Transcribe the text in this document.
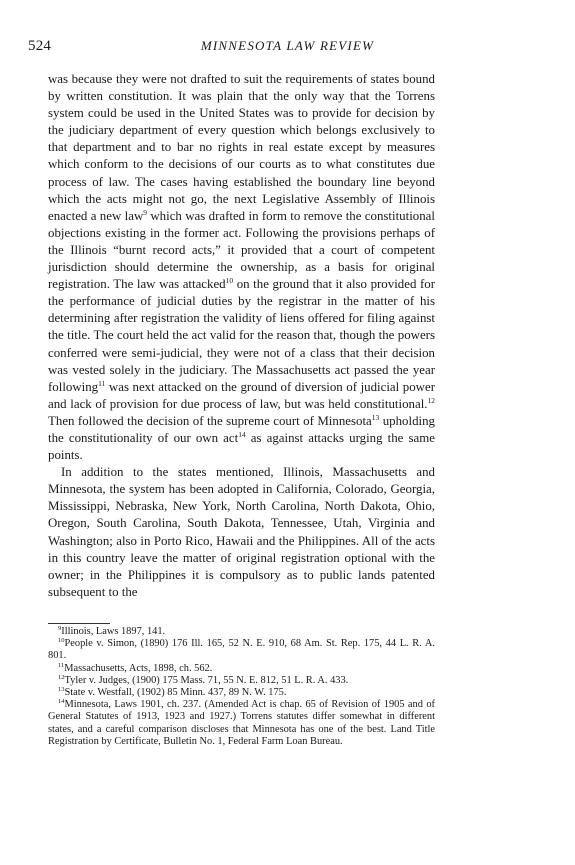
524	MINNESOTA LAW REVIEW

was because they were not drafted to suit the requirements of states bound by written constitution. It was plain that the only way that the Torrens system could be used in the United States was to provide for decision by the judiciary department of every question which belongs exclusively to that department and to bar no rights in real estate except by measures which conform to the decisions of our courts as to what constitutes due process of law. The cases having established the boundary line beyond which the acts might not go, the next Legislative Assembly of Illinois enacted a new law$^9$ which was drafted in form to remove the constitutional objections existing in the former act. Following the provisions perhaps of the Illinois “burnt record acts,” it provided that a court of competent jurisdiction should determine the ownership, as a basis for original registration. The law was attacked$^{10}$ on the ground that it also provided for the performance of judicial duties by the registrar in the matter of his determining after registration the validity of liens offered for filing against the title. The court held the act valid for the reason that, though the powers conferred were semi-judicial, they were not of a class that their decision was vested solely in the judiciary. The Massachusetts act passed the year following$^{11}$ was next attacked on the ground of diversion of judicial power and lack of provision for due process of law, but was held constitutional.$^{12}$ Then followed the decision of the supreme court of Minnesota$^{13}$ upholding the constitutionality of our own act$^{14}$ as against attacks urging the same points.

In addition to the states mentioned, Illinois, Massachusetts and Minnesota, the system has been adopted in California, Colorado, Georgia, Mississippi, Nebraska, New York, North Carolina, North Dakota, Ohio, Oregon, South Carolina, South Dakota, Tennessee, Utah, Virginia and Washington; also in Porto Rico, Hawaii and the Philippines. All of the acts in this country leave the matter of original registration optional with the owner; in the Philippines it is compulsory as to public lands patented subsequent to the

$^9$Illinois, Laws 1897, 141.

$^{10}$People v. Simon, (1890) 176 Ill. 165, 52 N. E. 910, 68 Am. St. Rep. 175, 44 L. R. A. 801.

$^{11}$Massachusetts, Acts, 1898, ch. 562.

$^{12}$Tyler v. Judges, (1900) 175 Mass. 71, 55 N. E. 812, 51 L. R. A. 433.

$^{13}$State v. Westfall, (1902) 85 Minn. 437, 89 N. W. 175.

$^{14}$Minnesota, Laws 1901, ch. 237. (Amended Act is chap. 65 of Revision of 1905 and of General Statutes of 1913, 1923 and 1927.) Torrens statutes differ somewhat in different states, and a careful comparison discloses that Minnesota has one of the best. Land Title Registration by Certificate, Bulletin No. 1, Federal Farm Loan Bureau.
